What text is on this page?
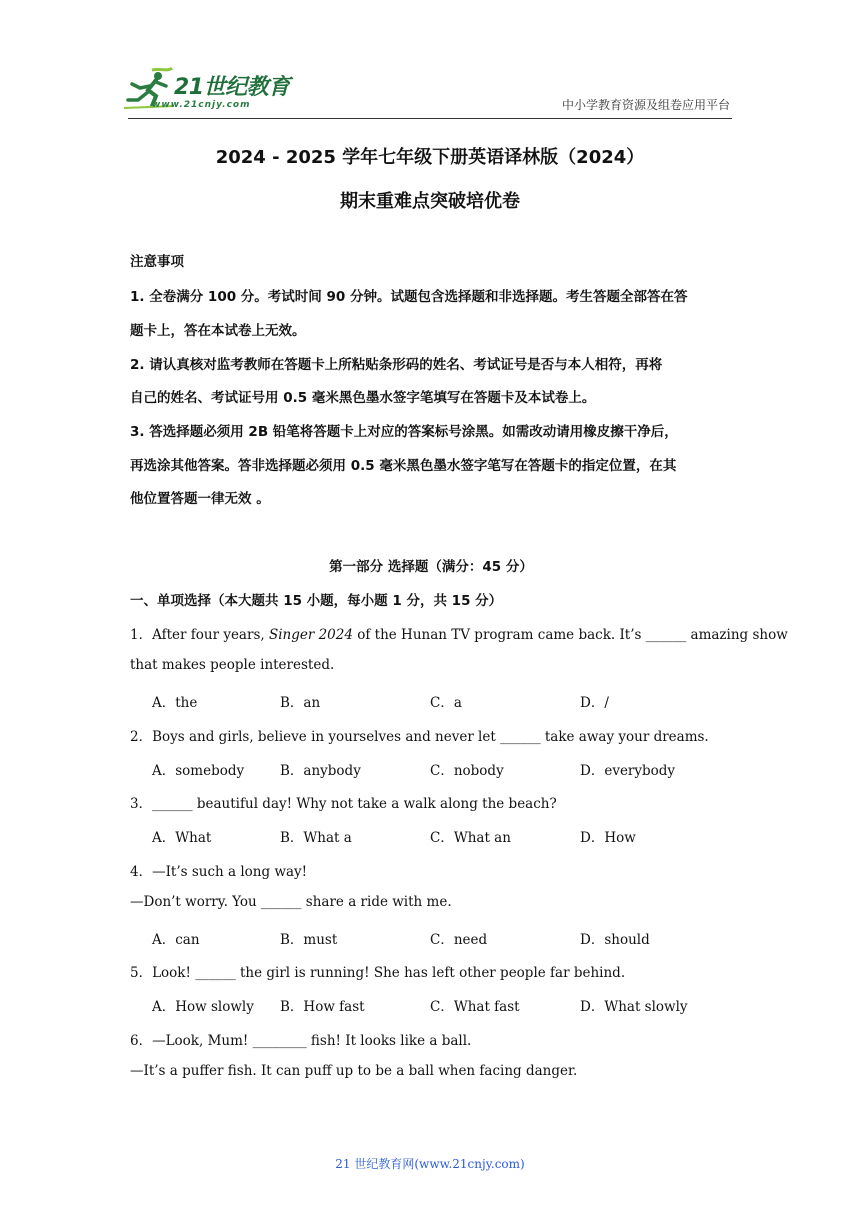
21世纪教育
www.21cnjy.com	中小学教育资源及组卷应用平台
2024 - 2025 学年七年级下册英语译林版（2024）
期末重难点突破培优卷
注意事项
1. 全卷满分 100 分。考试时间 90 分钟。试题包含选择题和非选择题。考生答题全部答在答
题卡上，答在本试卷上无效。
2. 请认真核对监考教师在答题卡上所粘贴条形码的姓名、考试证号是否与本人相符，再将
自己的姓名、考试证号用 0.5 毫米黑色墨水签字笔填写在答题卡及本试卷上。
3. 答选择题必须用 2B 铅笔将答题卡上对应的答案标号涂黑。如需改动请用橡皮擦干净后，
再选涂其他答案。答非选择题必须用 0.5 毫米黑色墨水签字笔写在答题卡的指定位置，在其
他位置答题一律无效 。
第一部分 选择题（满分：45 分）
一、单项选择（本大题共 15 小题，每小题 1 分，共 15 分）
1．After four years, Singer 2024 of the Hunan TV program came back. It’s ______ amazing show
that makes people interested.
A．the	B．an	C．a	D．/
2．Boys and girls, believe in yourselves and never let ______ take away your dreams.
A．somebody	B．anybody	C．nobody	D．everybody
3．______ beautiful day! Why not take a walk along the beach?
A．What	B．What a	C．What an	D．How
4．—It’s such a long way!
—Don’t worry. You ______ share a ride with me.
A．can	B．must	C．need	D．should
5．Look! ______ the girl is running! She has left other people far behind.
A．How slowly B．How fast	C．What fast	D．What slowly
6．—Look, Mum! ________ fish! It looks like a ball.
—It’s a puffer fish. It can puff up to be a ball when facing danger.
21 世纪教育网(www.21cnjy.com)
